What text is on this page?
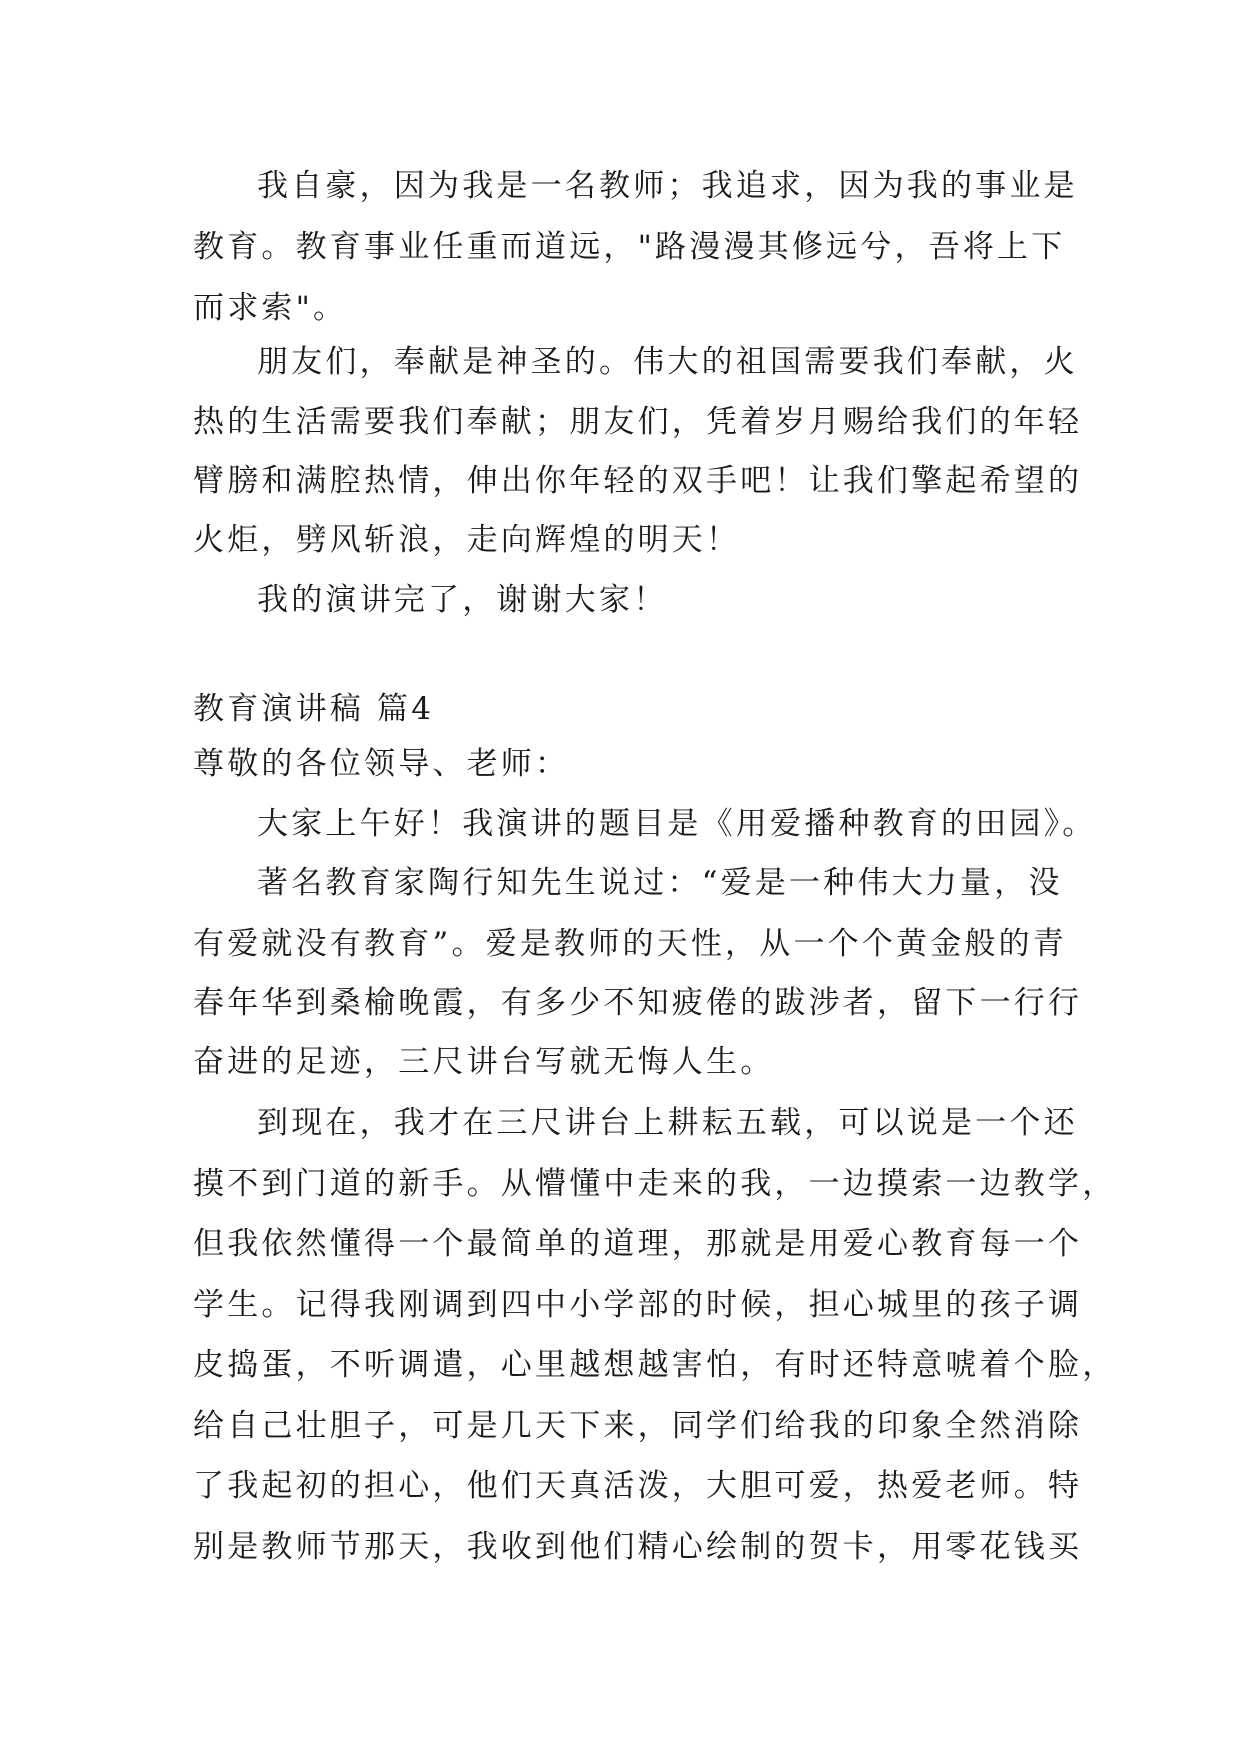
我自豪，因为我是一名教师；我追求，因为我的事业是
教育。教育事业任重而道远，"路漫漫其修远兮，吾将上下
而求索"。
朋友们，奉献是神圣的。伟大的祖国需要我们奉献，火
热的生活需要我们奉献；朋友们，凭着岁月赐给我们的年轻
臂膀和满腔热情，伸出你年轻的双手吧！让我们擎起希望的
火炬，劈风斩浪，走向辉煌的明天！
我的演讲完了，谢谢大家！
教育演讲稿 篇4
尊敬的各位领导、老师：
大家上午好！我演讲的题目是《用爱播种教育的田园》。
著名教育家陶行知先生说过：“爱是一种伟大力量，没
有爱就没有教育”。爱是教师的天性，从一个个黄金般的青
春年华到桑榆晚霞，有多少不知疲倦的跋涉者，留下一行行
奋进的足迹，三尺讲台写就无悔人生。
到现在，我才在三尺讲台上耕耘五载，可以说是一个还
摸不到门道的新手。从懵懂中走来的我，一边摸索一边教学，
但我依然懂得一个最简单的道理，那就是用爱心教育每一个
学生。记得我刚调到四中小学部的时候，担心城里的孩子调
皮捣蛋，不听调遣，心里越想越害怕，有时还特意唬着个脸，
给自己壮胆子，可是几天下来，同学们给我的印象全然消除
了我起初的担心，他们天真活泼，大胆可爱，热爱老师。特
别是教师节那天，我收到他们精心绘制的贺卡，用零花钱买
